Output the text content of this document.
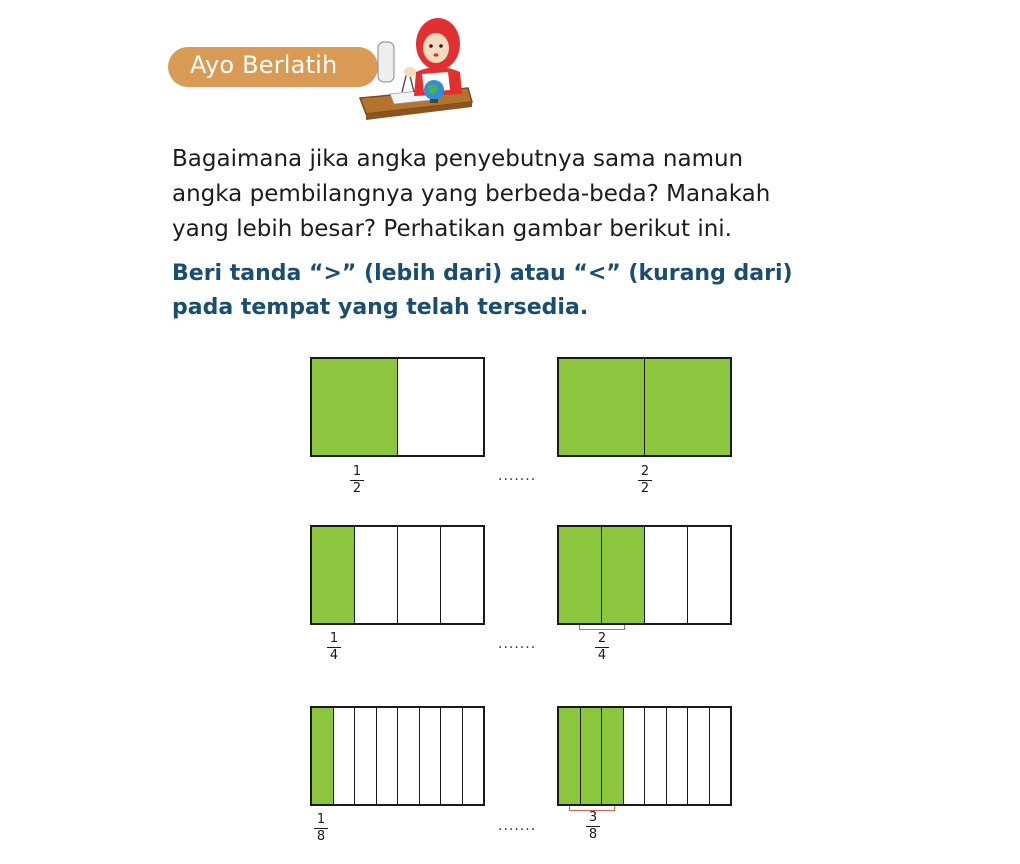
Ayo Berlatih
Bagaimana jika angka penyebutnya sama namun
angka pembilangnya yang berbeda-beda? Manakah
yang lebih besar? Perhatikan gambar berikut ini.
Beri tanda “>” (lebih dari) atau “<” (kurang dari)
pada tempat yang telah tersedia.
1
2
.......	2
2
1
4
.......	2
4
1
8
.......
3
8
